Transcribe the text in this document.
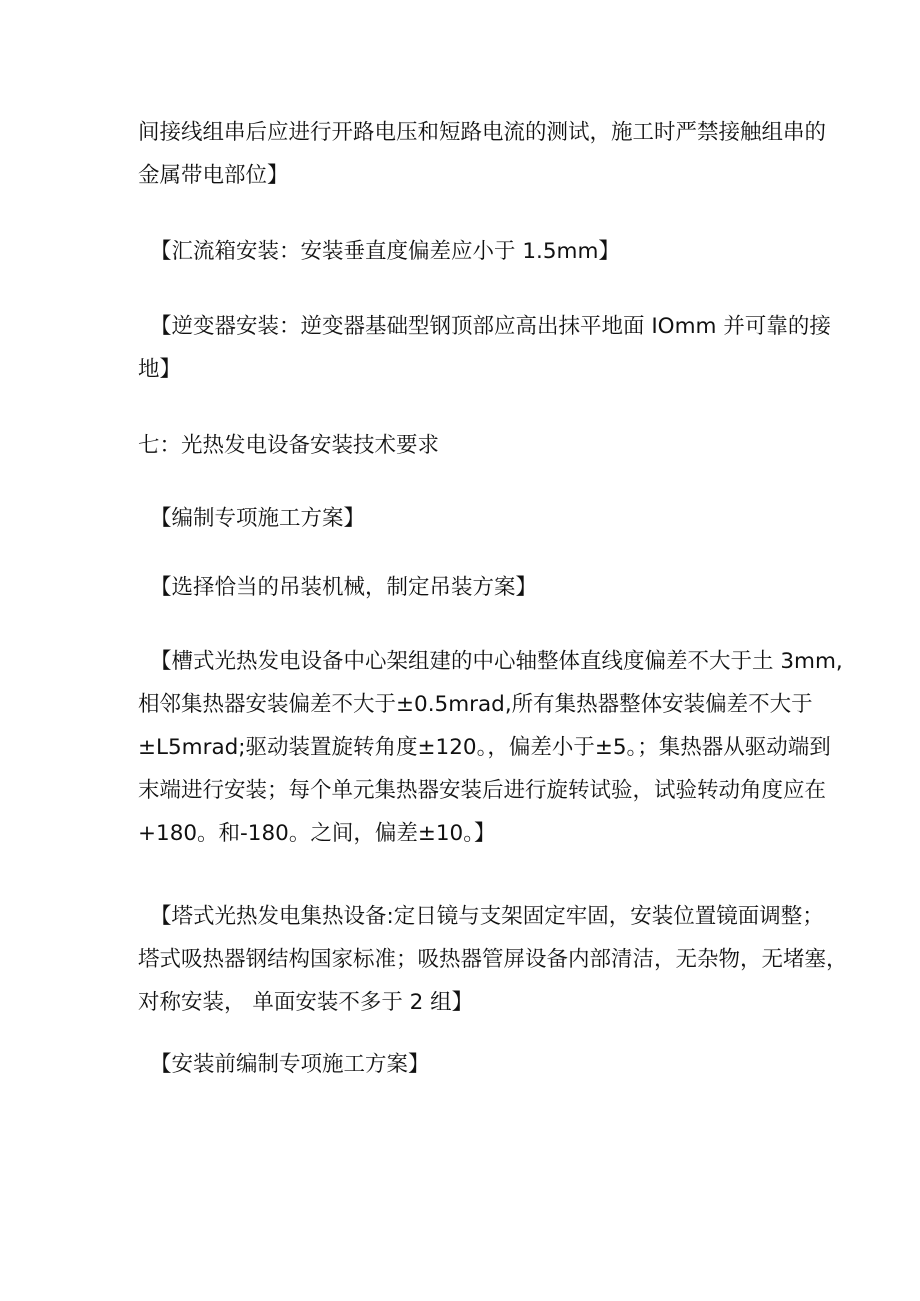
间接线组串后应进行开路电压和短路电流的测试，施工时严禁接触组串的
金属带电部位】
【汇流箱安装：安装垂直度偏差应小于 1.5mm】
【逆变器安装：逆变器基础型钢顶部应高出抹平地面 IOmm 并可靠的接
地】
七：光热发电设备安装技术要求
【编制专项施工方案】
【选择恰当的吊装机械，制定吊装方案】
【槽式光热发电设备中心架组建的中心轴整体直线度偏差不大于土 3mm,
相邻集热器安装偏差不大于±0.5mrad,所有集热器整体安装偏差不大于
±L5mrad;驱动装置旋转角度±120。，偏差小于±5。；集热器从驱动端到
末端进行安装；每个单元集热器安装后进行旋转试验，试验转动角度应在
+180。和-180。之间，偏差±10。】
【塔式光热发电集热设备:定日镜与支架固定牢固，安装位置镜面调整；
塔式吸热器钢结构国家标准；吸热器管屏设备内部清洁，无杂物，无堵塞，
对称安装， 单面安装不多于 2 组】
【安装前编制专项施工方案】
